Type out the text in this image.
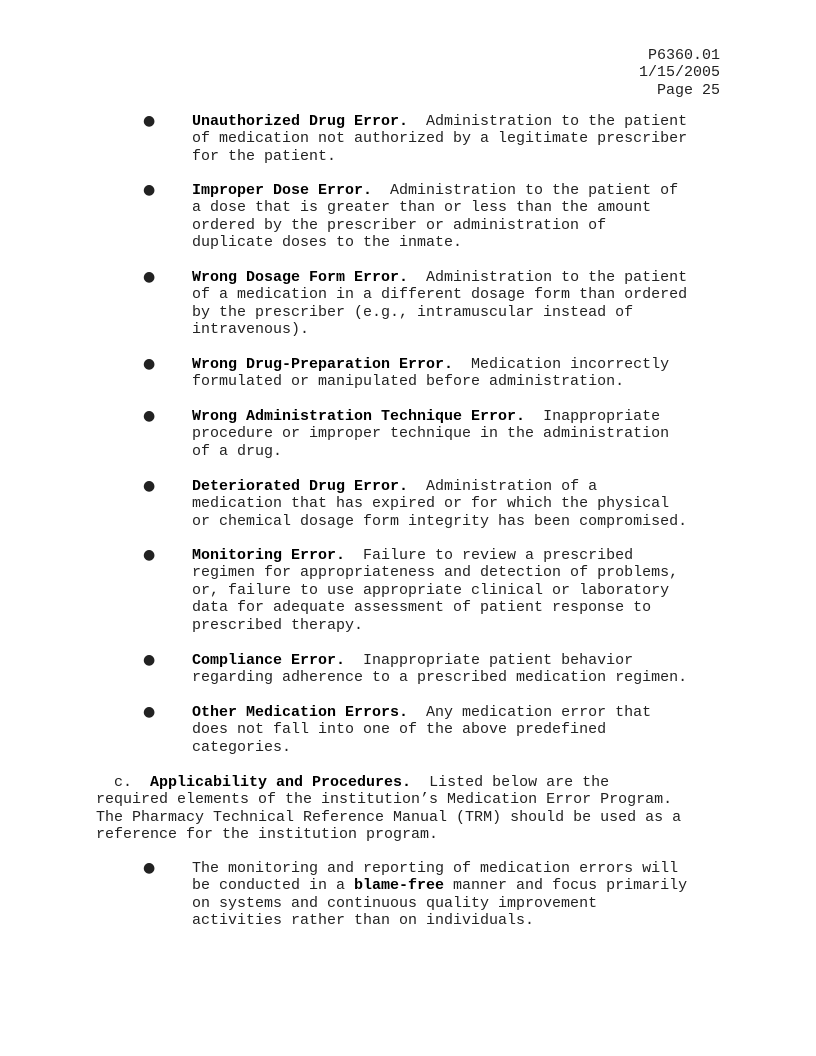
P6360.01
1/15/2005
Page 25
● Unauthorized Drug Error.  Administration to the patient
of medication not authorized by a legitimate prescriber
for the patient.
● Improper Dose Error.  Administration to the patient of
a dose that is greater than or less than the amount
ordered by the prescriber or administration of
duplicate doses to the inmate.
● Wrong Dosage Form Error.  Administration to the patient
of a medication in a different dosage form than ordered
by the prescriber (e.g., intramuscular instead of
intravenous).
● Wrong Drug-Preparation Error.  Medication incorrectly
formulated or manipulated before administration.
● Wrong Administration Technique Error.  Inappropriate
procedure or improper technique in the administration
of a drug.
● Deteriorated Drug Error.  Administration of a
medication that has expired or for which the physical
or chemical dosage form integrity has been compromised.
● Monitoring Error.  Failure to review a prescribed
regimen for appropriateness and detection of problems,
or, failure to use appropriate clinical or laboratory
data for adequate assessment of patient response to
prescribed therapy.
● Compliance Error.  Inappropriate patient behavior
regarding adherence to a prescribed medication regimen.
● Other Medication Errors.  Any medication error that
does not fall into one of the above predefined
categories.
c.  Applicability and Procedures.  Listed below are the
required elements of the institution’s Medication Error Program.
The Pharmacy Technical Reference Manual (TRM) should be used as a
reference for the institution program.
● The monitoring and reporting of medication errors will
be conducted in a blame-free manner and focus primarily
on systems and continuous quality improvement
activities rather than on individuals.
